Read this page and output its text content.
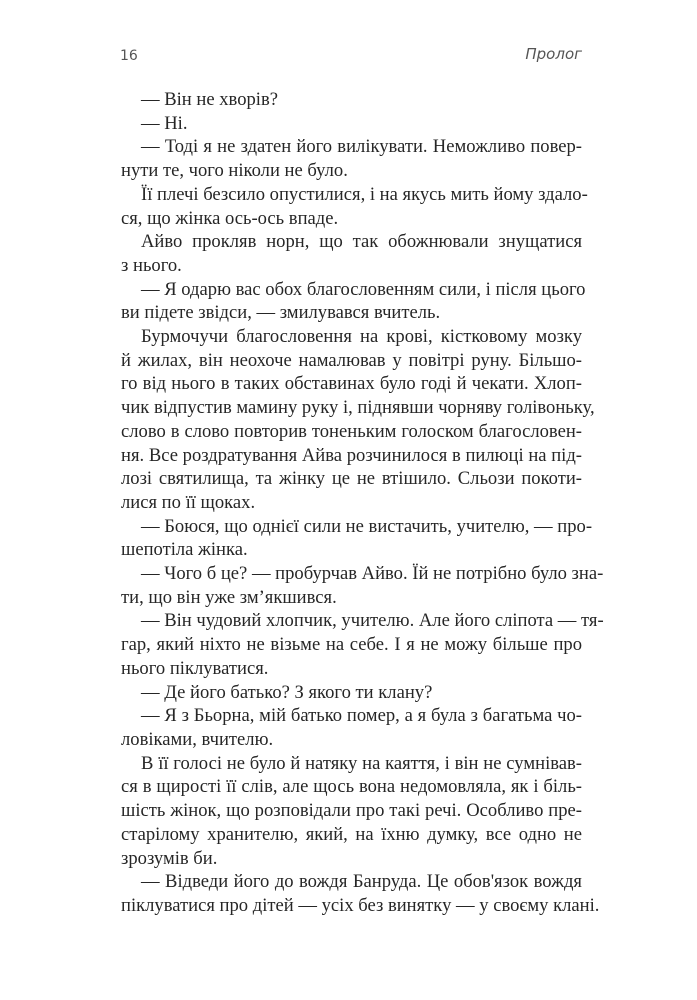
16	Пролог
— Він не хворів?
— Ні.
— Тоді я не здатен його вилікувати. Неможливо повер-
нути те, чого ніколи не було.
Її плечі безсило опустилися, і на якусь мить йому здало-
ся, що жінка ось-ось впаде.
Айво прокляв норн, що так обожнювали знущатися
з нього.
— Я одарю вас обох благословенням сили, і після цього
ви підете звідси, — змилувався вчитель.
Бурмочучи благословення на крові, кістковому мозку
й жилах, він неохоче намалював у повітрі руну. Більшо-
го від нього в таких обставинах було годі й чекати. Хлоп-
чик відпустив мамину руку і, піднявши чорняву голівоньку,
слово в слово повторив тоненьким голоском благословен-
ня. Все роздратування Айва розчинилося в пилюці на під-
лозі святилища, та жінку це не втішило. Сльози покоти-
лися по її щоках.
— Боюся, що однієї сили не вистачить, учителю, — про-
шепотіла жінка.
— Чого б це? — пробурчав Айво. Їй не потрібно було зна-
ти, що він уже зм’якшився.
— Він чудовий хлопчик, учителю. Але його сліпота — тя-
гар, який ніхто не візьме на себе. І я не можу більше про
нього піклуватися.
— Де його батько? З якого ти клану?
— Я з Бьорна, мій батько помер, а я була з багатьма чо-
ловіками, вчителю.
В її голосі не було й натяку на каяття, і він не сумнівав-
ся в щирості її слів, але щось вона недомовляла, як і біль-
шість жінок, що розповідали про такі речі. Особливо пре-
старілому хранителю, який, на їхню думку, все одно не
зрозумів би.
— Відведи його до вождя Банруда. Це обов'язок вождя
піклуватися про дітей — усіх без винятку — у своєму клані.
